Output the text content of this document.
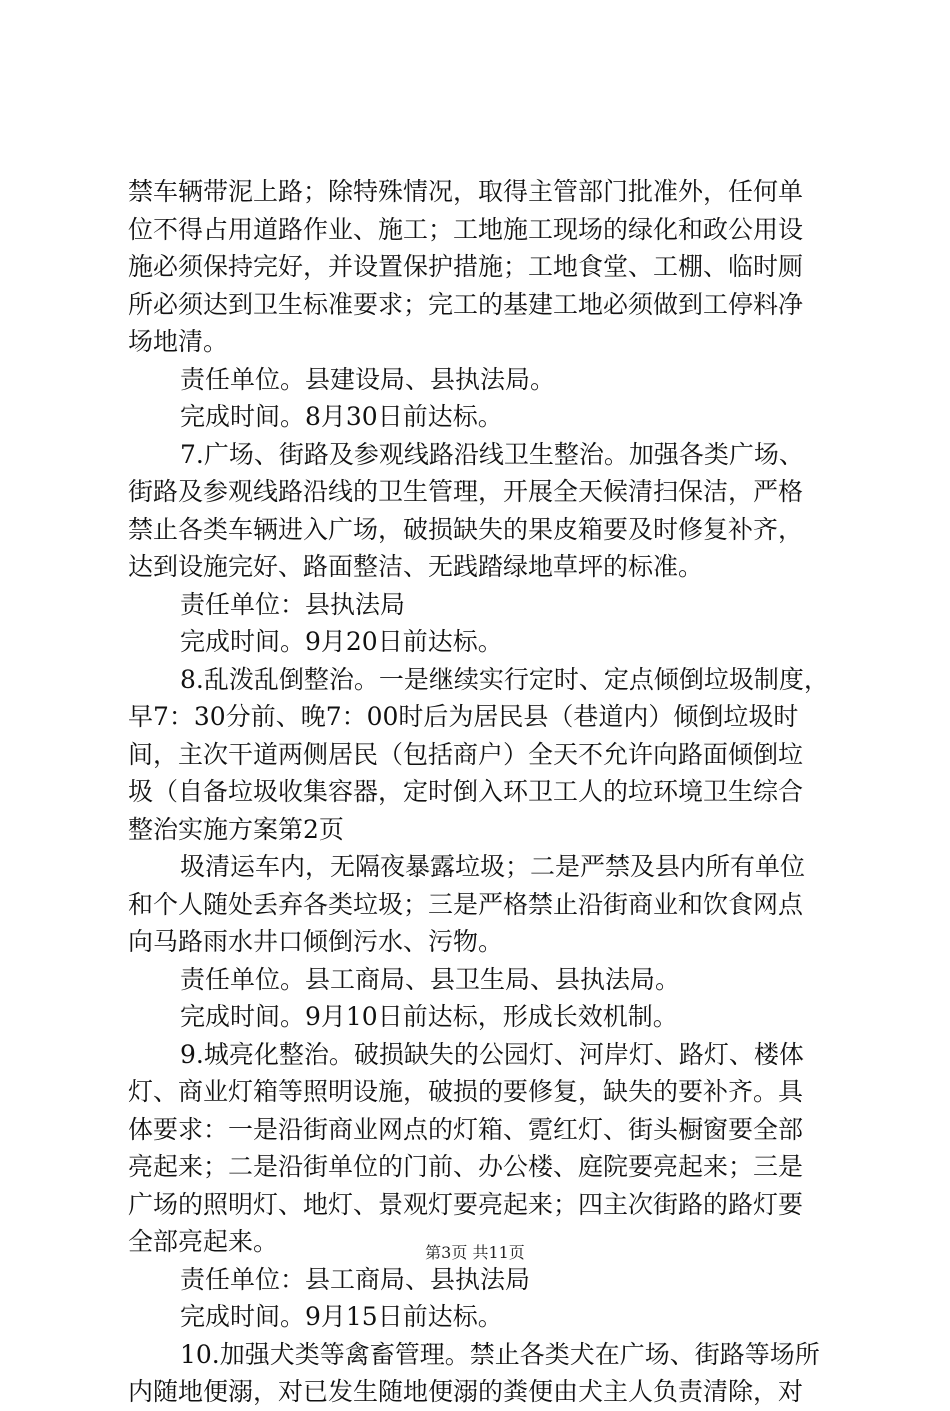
禁车辆带泥上路；除特殊情况，取得主管部门批准外，任何单
位不得占用道路作业、施工；工地施工现场的绿化和政公用设
施必须保持完好，并设置保护措施；工地食堂、工棚、临时厕
所必须达到卫生标准要求；完工的基建工地必须做到工停料净
场地清。
责任单位。县建设局、县执法局。
完成时间。8月30日前达标。
7.广场、街路及参观线路沿线卫生整治。加强各类广场、
街路及参观线路沿线的卫生管理，开展全天候清扫保洁，严格
禁止各类车辆进入广场，破损缺失的果皮箱要及时修复补齐，
达到设施完好、路面整洁、无践踏绿地草坪的标准。
责任单位：县执法局
完成时间。9月20日前达标。
8.乱泼乱倒整治。一是继续实行定时、定点倾倒垃圾制度，
早7：30分前、晚7：00时后为居民县（巷道内）倾倒垃圾时
间，主次干道两侧居民（包括商户）全天不允许向路面倾倒垃
圾（自备垃圾收集容器，定时倒入环卫工人的垃环境卫生综合
整治实施方案第2页
圾清运车内，无隔夜暴露垃圾；二是严禁及县内所有单位
和个人随处丢弃各类垃圾；三是严格禁止沿街商业和饮食网点
向马路雨水井口倾倒污水、污物。
责任单位。县工商局、县卫生局、县执法局。
完成时间。9月10日前达标，形成长效机制。
9.城亮化整治。破损缺失的公园灯、河岸灯、路灯、楼体
灯、商业灯箱等照明设施，破损的要修复，缺失的要补齐。具
体要求：一是沿街商业网点的灯箱、霓红灯、街头橱窗要全部
亮起来；二是沿街单位的门前、办公楼、庭院要亮起来；三是
广场的照明灯、地灯、景观灯要亮起来；四主次街路的路灯要
全部亮起来。
责任单位：县工商局、县执法局
完成时间。9月15日前达标。
10.加强犬类等禽畜管理。禁止各类犬在广场、街路等场所
内随地便溺，对已发生随地便溺的粪便由犬主人负责清除，对
第3页 共11页
